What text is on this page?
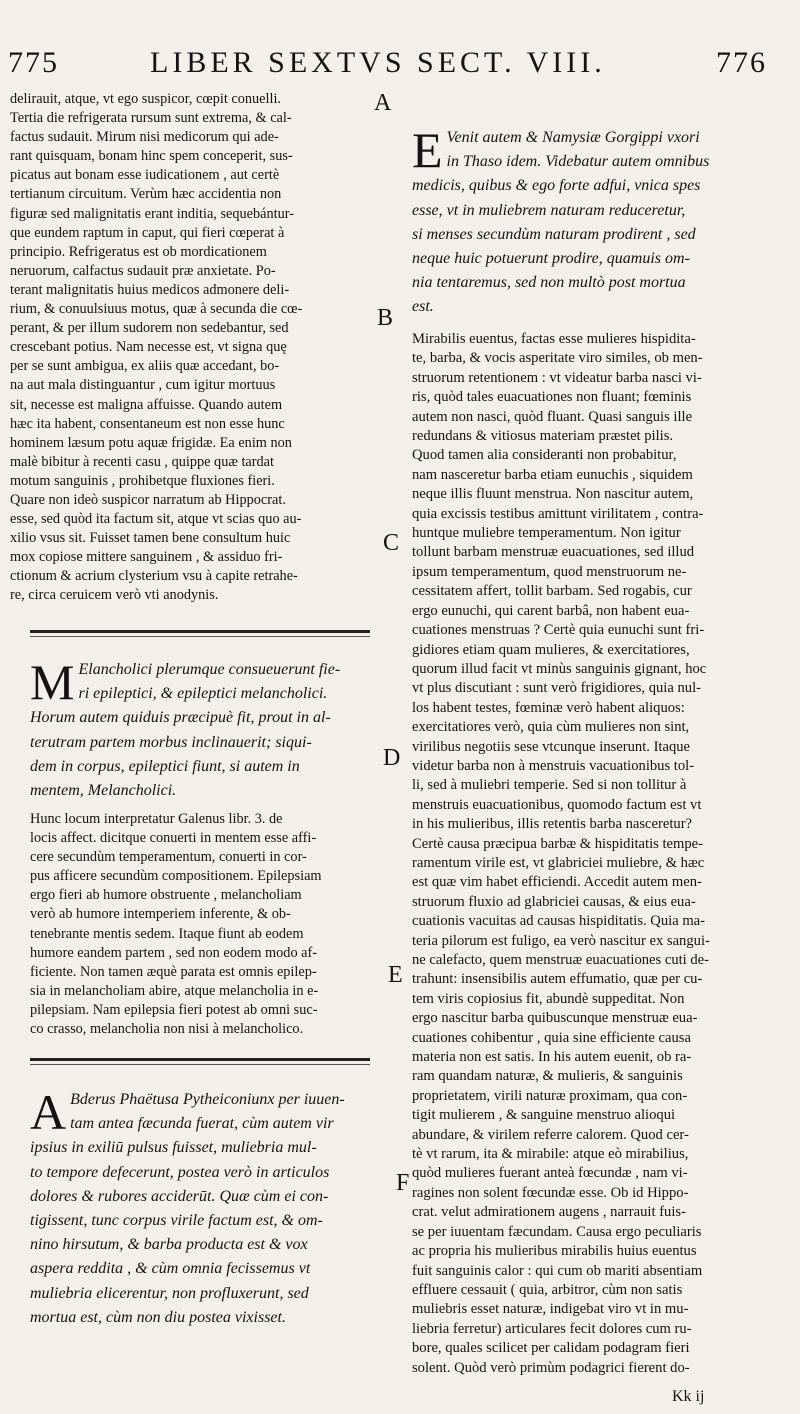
775	LIBER SEXTVS SECT. VIII.	776
A
B
C
D
E
F
delirauit, atque, vt ego suspicor, cœpit conuelli.
Tertia die refrigerata rursum sunt extrema, & cal-
factus sudauit. Mirum nisi medicorum qui ade-
rant quisquam, bonam hinc spem conceperit, sus-
picatus aut bonam esse iudicationem , aut certè
tertianum circuitum. Verùm hæc accidentia non
figuræ sed malignitatis erant inditia, sequebántur-
que eundem raptum in caput, qui fieri cœperat à
principio. Refrigeratus est ob mordicationem
neruorum, calfactus sudauit præ anxietate. Po-
terant malignitatis huius medicos admonere deli-
rium, & conuulsiuus motus, quæ à secunda die cœ-
perant, & per illum sudorem non sedebantur, sed
crescebant potius. Nam necesse est, vt signa quę
per se sunt ambigua, ex aliis quæ accedant, bo-
na aut mala distinguantur , cum igitur mortuus
sit, necesse est maligna affuisse. Quando autem
hæc ita habent, consentaneum est non esse hunc
hominem læsum potu aquæ frigidæ. Ea enim non
malè bibitur à recenti casu , quippe quæ tardat
motum sanguinis , prohibetque fluxiones fieri.
Quare non ideò suspicor narratum ab Hippocrat.
esse, sed quòd ita factum sit, atque vt scias quo au-
xilio vsus sit. Fuisset tamen bene consultum huic
mox copiose mittere sanguinem , & assiduo fri-
ctionum & acrium clysterium vsu à capite retrahe-
re, circa ceruicem verò vti anodynis.
M Elancholici plerumque consueuerunt fie-
ri epileptici, & epileptici melancholici.
Horum autem quiduis præcipuè fit, prout in al-
terutram partem morbus inclinauerit; siqui-
dem in corpus, epileptici fiunt, si autem in
mentem, Melancholici.
Hunc locum interpretatur Galenus libr. 3. de
locis affect. dicitque conuerti in mentem esse affi-
cere secundùm temperamentum, conuerti in cor-
pus afficere secundùm compositionem. Epilepsiam
ergo fieri ab humore obstruente , melancholiam
verò ab humore intemperiem inferente, & ob-
tenebrante mentis sedem. Itaque fiunt ab eodem
humore eandem partem , sed non eodem modo af-
ficiente. Non tamen æquè parata est omnis epilep-
sia in melancholiam abire, atque melancholia in e-
pilepsiam. Nam epilepsia fieri potest ab omni suc-
co crasso, melancholia non nisi à melancholico.
A Bderus Phaëtusa Pytheiconiunx per iuuen-
tam antea fæcunda fuerat, cùm autem vir
ipsius in exiliū pulsus fuisset, muliebria mul-
to tempore defecerunt, postea verò in articulos
dolores & rubores acciderūt. Quæ cùm ei con-
tigissent, tunc corpus virile factum est, & om-
nino hirsutum, & barba producta est & vox
aspera reddita , & cùm omnia fecissemus vt
muliebria elicerentur, non profluxerunt, sed
mortua est, cùm non diu postea vixisset.
E Venit autem & Namysiæ Gorgippi vxori
in Thaso idem. Videbatur autem omnibus
medicis, quibus & ego forte adfui, vnica spes
esse, vt in muliebrem naturam reduceretur,
si menses secundùm naturam prodirent , sed
neque huic potuerunt prodire, quamuis om-
nia tentaremus, sed non multò post mortua
est.
Mirabilis euentus, factas esse mulieres hispidita-
te, barba, & vocis asperitate viro similes, ob men-
struorum retentionem : vt videatur barba nasci vi-
ris, quòd tales euacuationes non fluant; fœminis
autem non nasci, quòd fluant. Quasi sanguis ille
redundans & vitiosus materiam præstet pilis.
Quod tamen alia consideranti non probabitur,
nam nasceretur barba etiam eunuchis , siquidem
neque illis fluunt menstrua. Non nascitur autem,
quia excissis testibus amittunt virilitatem , contra-
huntque muliebre temperamentum. Non igitur
tollunt barbam menstruæ euacuationes, sed illud
ipsum temperamentum, quod menstruorum ne-
cessitatem affert, tollit barbam. Sed rogabis, cur
ergo eunuchi, qui carent barbâ, non habent eua-
cuationes menstruas ? Certè quia eunuchi sunt fri-
gidiores etiam quam mulieres, & exercitatiores,
quorum illud facit vt minùs sanguinis gignant, hoc
vt plus discutiant : sunt verò frigidiores, quia nul-
los habent testes, fœminæ verò habent aliquos:
exercitatiores verò, quia cùm mulieres non sint,
virilibus negotiis sese vtcunque inserunt. Itaque
videtur barba non à menstruis vacuationibus tol-
li, sed à muliebri temperie. Sed si non tollitur à
menstruis euacuationibus, quomodo factum est vt
in his mulieribus, illis retentis barba nasceretur?
Certè causa præcipua barbæ & hispiditatis tempe-
ramentum virile est, vt glabriciei muliebre, & hæc
est quæ vim habet efficiendi. Accedit autem men-
struorum fluxio ad glabriciei causas, & eius eua-
cuationis vacuitas ad causas hispiditatis. Quia ma-
teria pilorum est fuligo, ea verò nascitur ex sangui-
ne calefacto, quem menstruæ euacuationes cuti de-
trahunt: insensibilis autem effumatio, quæ per cu-
tem viris copiosius fit, abundè suppeditat. Non
ergo nascitur barba quibuscunque menstruæ eua-
cuationes cohibentur , quia sine efficiente causa
materia non est satis. In his autem euenit, ob ra-
ram quandam naturæ, & mulieris, & sanguinis
proprietatem, virili naturæ proximam, qua con-
tigit mulierem , & sanguine menstruo alioqui
abundare, & virilem referre calorem. Quod cer-
tè vt rarum, ita & mirabile: atque eò mirabilius,
quòd mulieres fuerant anteà fœcundæ , nam vi-
ragines non solent fœcundæ esse. Ob id Hippo-
crat. velut admirationem augens , narrauit fuis-
se per iuuentam fæcundam. Causa ergo peculiaris
ac propria his mulieribus mirabilis huius euentus
fuit sanguinis calor : qui cum ob mariti absentiam
effluere cessauit ( quia, arbitror, cùm non satis
muliebris esset naturæ, indigebat viro vt in mu-
liebria ferretur) articulares fecit dolores cum ru-
bore, quales scilicet per calidam podagram fieri
solent. Quòd verò primùm podagrici fierent do-
Kk ij
